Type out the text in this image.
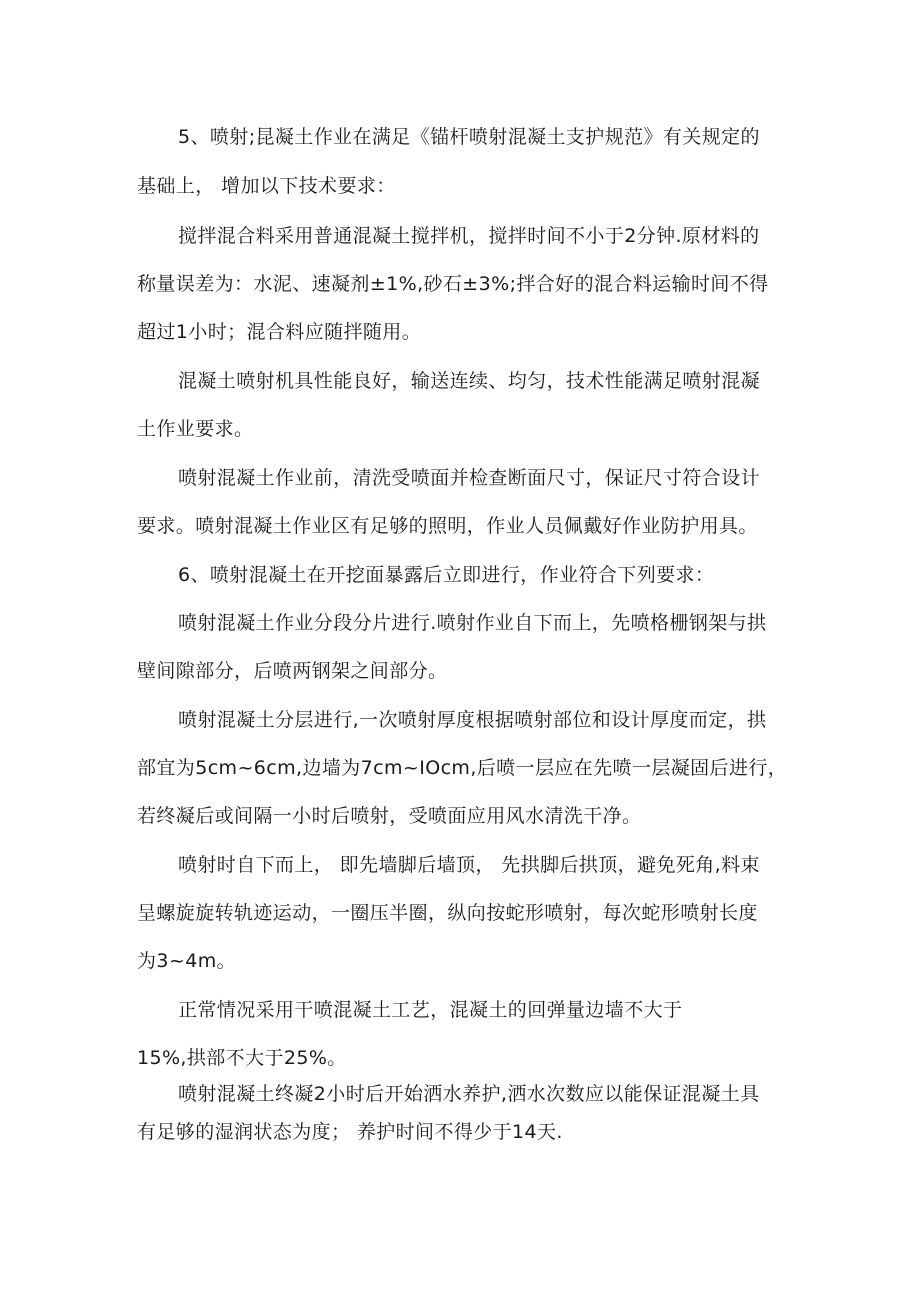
5、喷射;昆凝土作业在满足《锚杆喷射混凝土支护规范》有关规定的
基础上， 增加以下技术要求：
搅拌混合料采用普通混凝土搅拌机，搅拌时间不小于2分钟.原材料的
称量误差为：水泥、速凝剂±1%,砂石±3%;拌合好的混合料运输时间不得
超过1小时；混合料应随拌随用。
混凝土喷射机具性能良好，输送连续、均匀，技术性能满足喷射混凝
土作业要求。
喷射混凝土作业前，清洗受喷面并检查断面尺寸，保证尺寸符合设计
要求。喷射混凝土作业区有足够的照明，作业人员佩戴好作业防护用具。
6、喷射混凝土在开挖面暴露后立即进行，作业符合下列要求：
喷射混凝土作业分段分片进行.喷射作业自下而上，先喷格栅钢架与拱
壁间隙部分，后喷两钢架之间部分。
喷射混凝土分层进行,一次喷射厚度根据喷射部位和设计厚度而定，拱
部宜为5cm~6cm,边墙为7cm~IOcm,后喷一层应在先喷一层凝固后进行，
若终凝后或间隔一小时后喷射，受喷面应用风水清洗干净。
喷射时自下而上， 即先墙脚后墙顶， 先拱脚后拱顶，避免死角,料束
呈螺旋旋转轨迹运动，一圈压半圈，纵向按蛇形喷射，每次蛇形喷射长度
为3~4m。
正常情况采用干喷混凝土工艺，混凝土的回弹量边墙不大于
15%,拱部不大于25%。
喷射混凝土终凝2小时后开始洒水养护,洒水次数应以能保证混凝土具
有足够的湿润状态为度； 养护时间不得少于14天.
